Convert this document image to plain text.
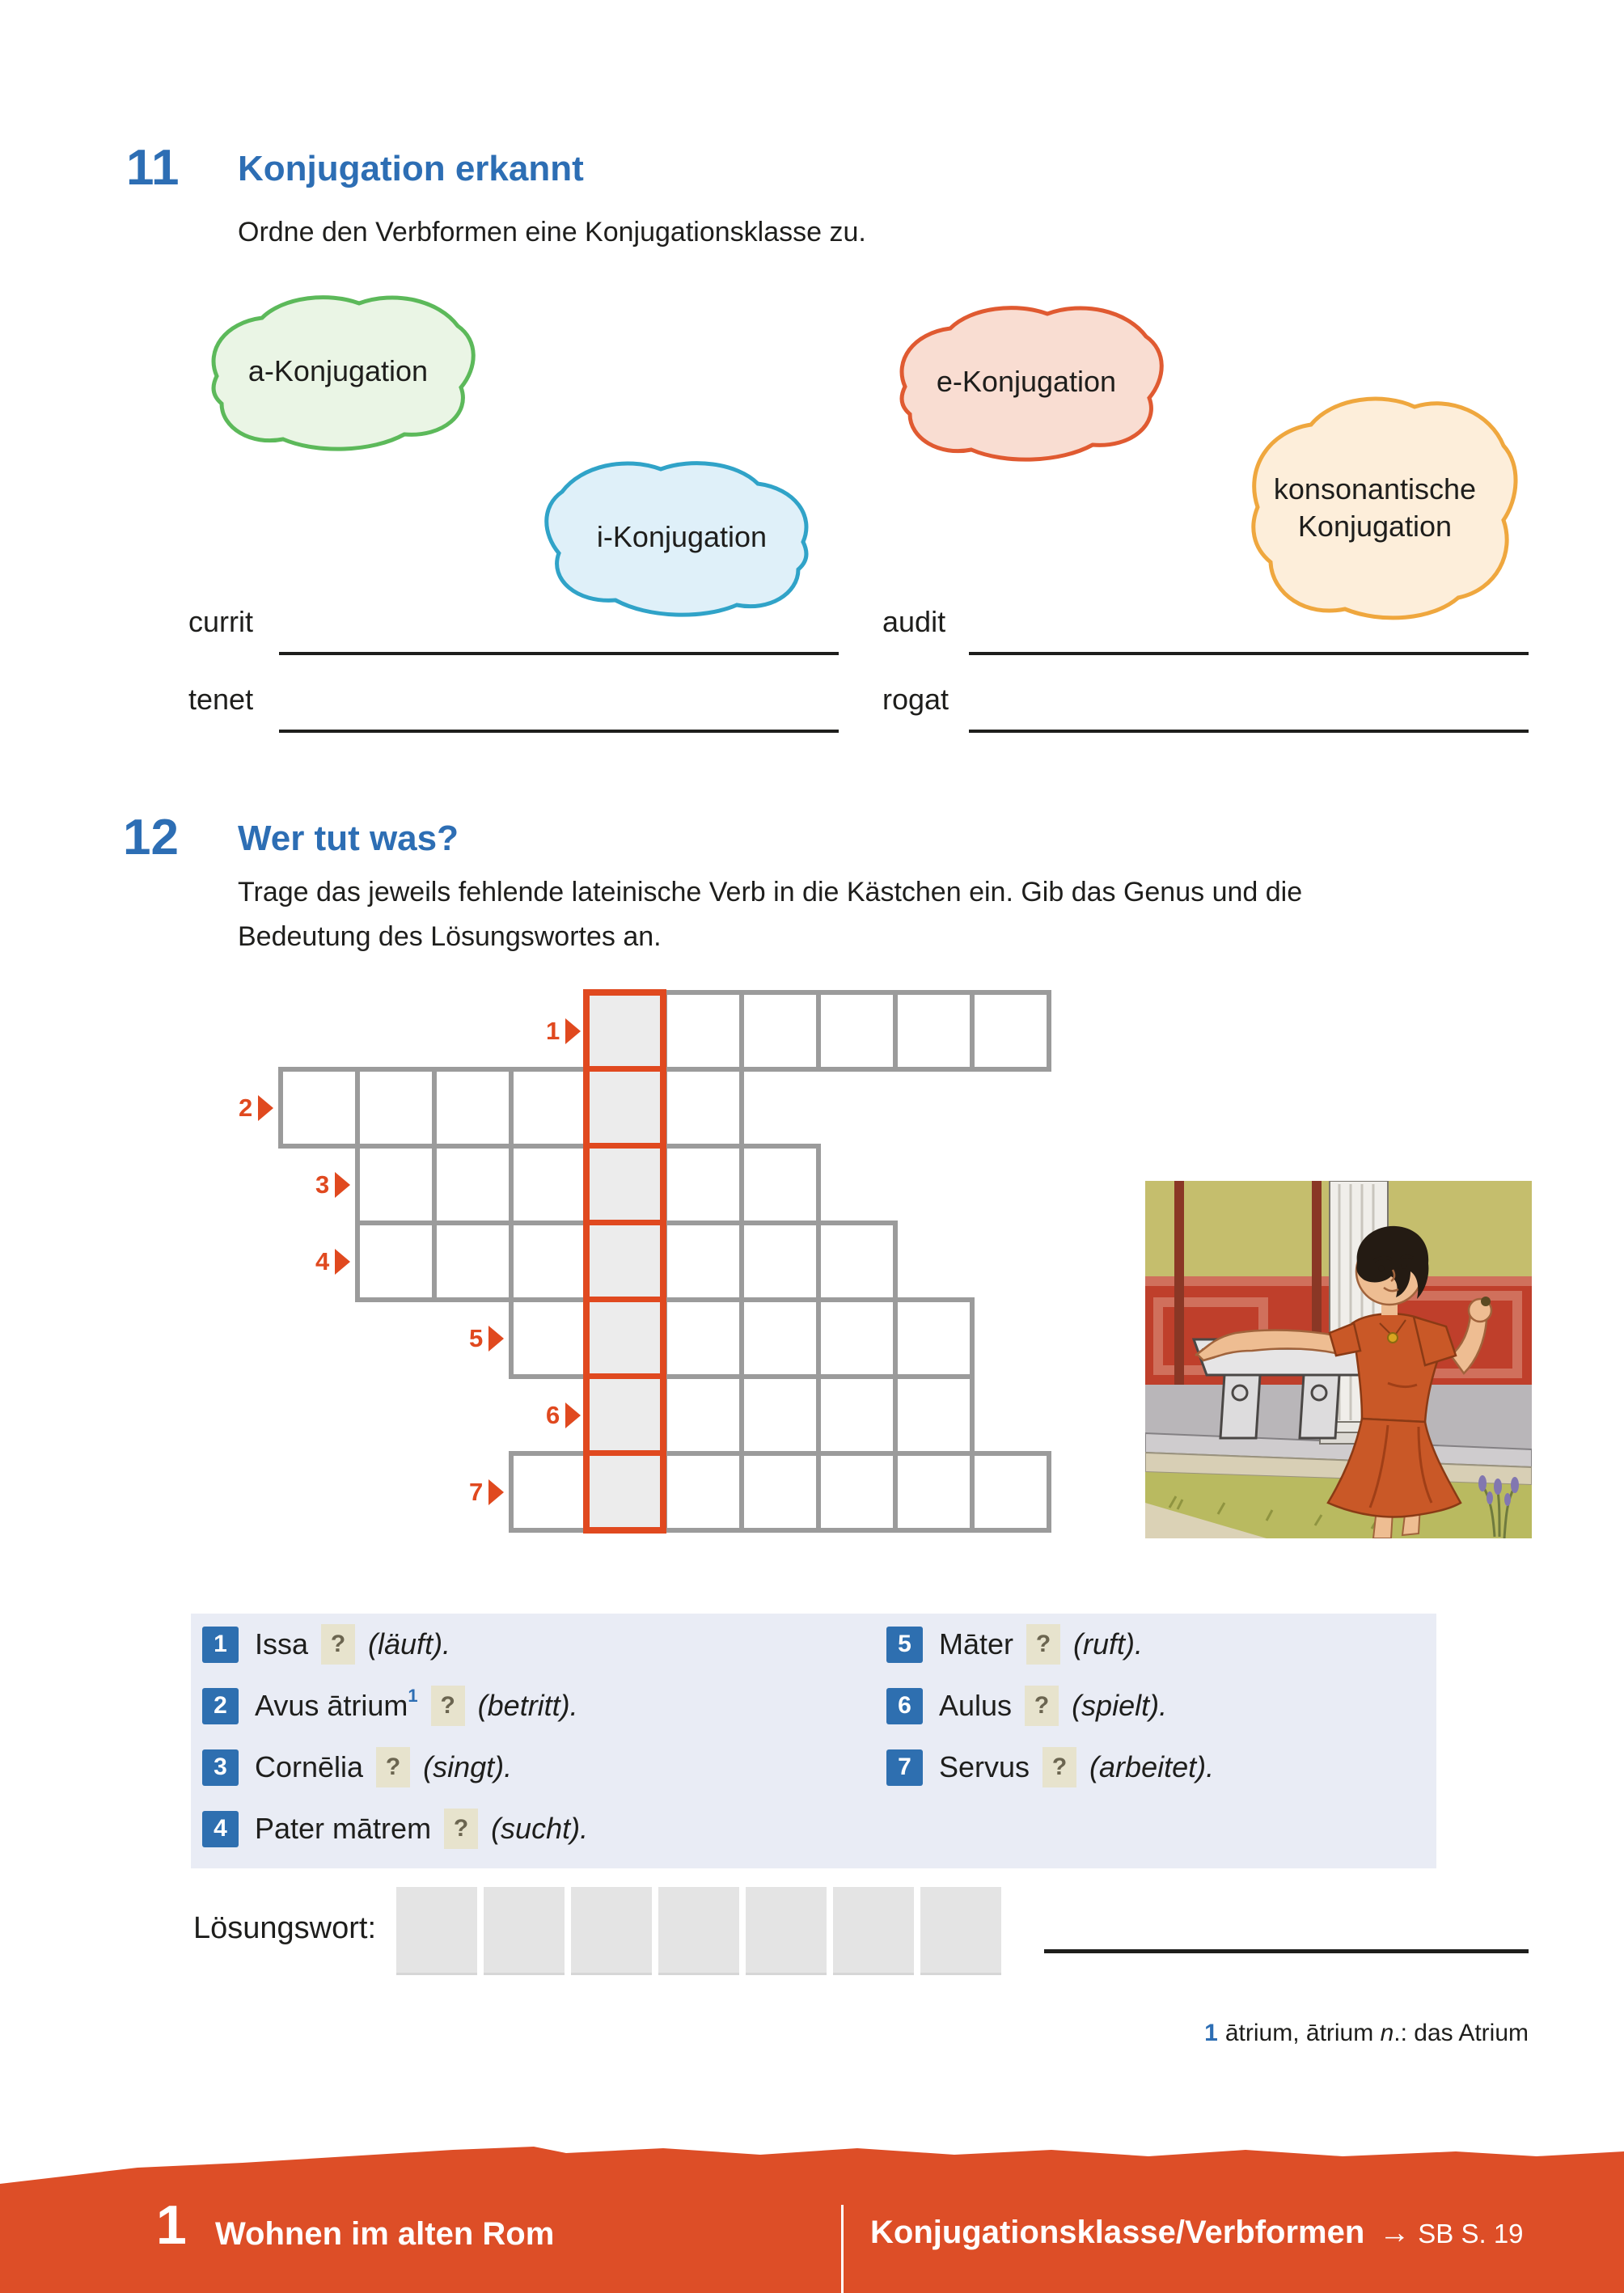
11 Konjugation erkannt
Ordne den Verbformen eine Konjugationsklasse zu.
a-Konjugation
i-Konjugation
e-Konjugation
konsonantische Konjugation
currit	audit
tenet	rogat
12 Wer tut was?
Trage das jeweils fehlende lateinische Verb in die Kästchen ein. Gib das Genus und die
Bedeutung des Lösungswortes an.
1
2
3
4
5
6
7
1 Issa ? (läuft).
2 Avus ātrium$^1$ ? (betritt).
3 Cornēlia ? (singt).
4 Pater mātrem ? (sucht).
5 Māter ? (ruft).
6 Aulus ? (spielt).
7 Servus ? (arbeitet).
Lösungswort:
1 ātrium, ātrium n .: das Atrium
1 Wohnen im alten Rom	Konjugationsklasse/Verbformen → SB S. 19
